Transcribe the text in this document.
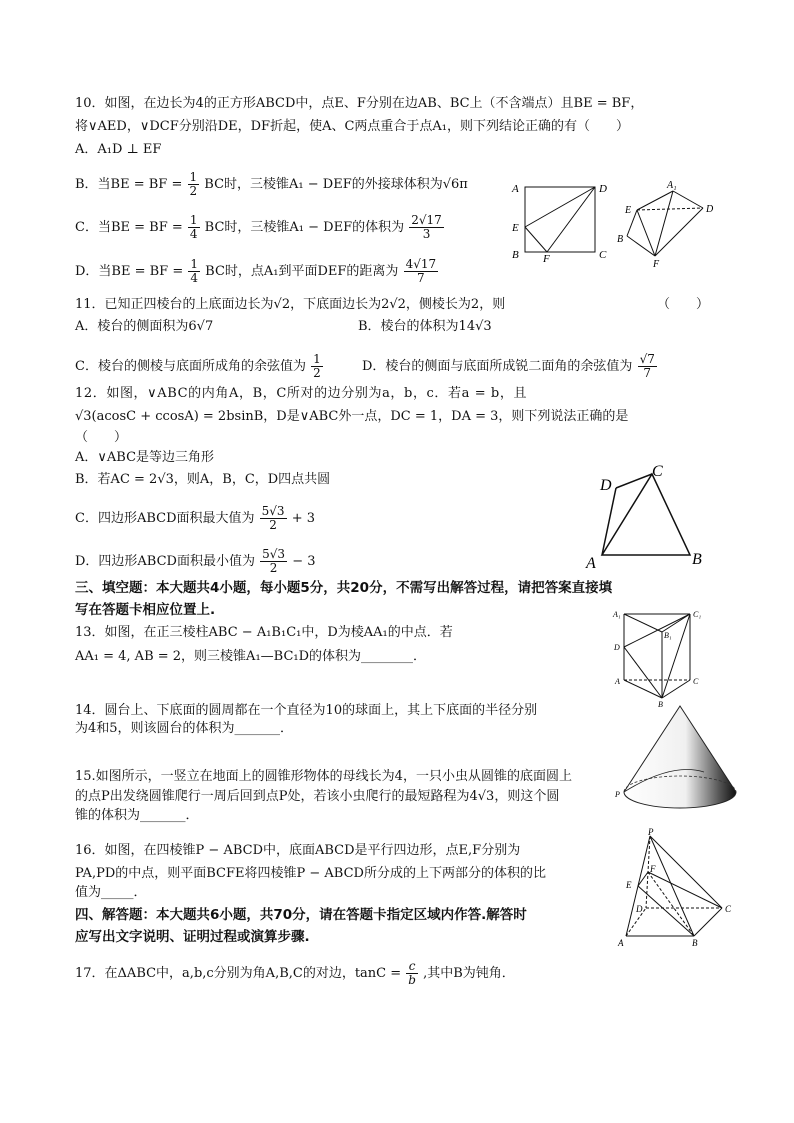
10．如图，在边长为4的正方形ABCD中，点E、F分别在边AB、BC上（不含端点）且BE = BF，
将∨AED，∨DCF分别沿DE，DF折起，使A、C两点重合于点A₁，则下列结论正确的有（　　）
A．A₁D ⊥ EF
B．当BE = BF = $\frac{1}{2}$ BC时，三棱锥A₁ − DEF的外接球体积为√6π
C．当BE = BF = $\frac{1}{4}$ BC时，三棱锥A₁ − DEF的体积为 $\frac{2√17}{3}$
D．当BE = BF = $\frac{1}{4}$ BC时，点A₁到平面DEF的距离为 $\frac{4√17}{7}$
A	D
E
B F	C
A₁
E	D
B
F
11．已知正四棱台的上底面边长为√2，下底面边长为2√2，侧棱长为2，则	（　　）
A．棱台的侧面积为6√7	B．棱台的体积为14√3
C．棱台的侧棱与底面所成角的余弦值为 $\frac{1}{2}$	D．棱台的侧面与底面所成锐二面角的余弦值为 $\frac{√7}{7}$
12．如图，∨ABC的内角A，B，C所对的边分别为a，b，c．若a = b，且
√3(acosC + ccosA) = 2bsinB，D是∨ABC外一点，DC = 1，DA = 3，则下列说法正确的是
（　　）
A．∨ABC是等边三角形
B．若AC = 2√3，则A，B，C，D四点共圆
C．四边形ABCD面积最大值为 $\frac{5√3}{2} + 3$
D．四边形ABCD面积最小值为 $\frac{5√3}{2} - 3$
D
C
A	B
三、填空题：本大题共4小题，每小题5分，共20分，不需写出解答过程，请把答案直接填
写在答题卡相应位置上.
13．如图，在正三棱柱ABC − A₁B₁C₁中，D为棱AA₁的中点．若
AA₁ = 4, AB = 2，则三棱锥A₁—BC₁D的体积为________．
A₁	C₁
B₁
D
A	C
B
14．圆台上、下底面的圆周都在一个直径为10的球面上，其上下底面的半径分别
为4和5，则该圆台的体积为_______．
P
15.如图所示，一竖立在地面上的圆锥形物体的母线长为4，一只小虫从圆锥的底面圆上
的点P出发绕圆锥爬行一周后回到点P处，若该小虫爬行的最短路程为4√3，则这个圆
锥的体积为_______．
16．如图，在四棱锥P − ABCD中，底面ABCD是平行四边形，点E,F分别为
PA,PD的中点，则平面BCFE将四棱锥P − ABCD所分成的上下两部分的体积的比
值为_____．
P
F
E
D	C
A	B
四、解答题：本大题共6小题，共70分，请在答题卡指定区域内作答.解答时
应写出文字说明、证明过程或演算步骤.
17．在ΔABC中，a,b,c分别为角A,B,C的对边，$\tan C = \frac{c}{b}$ ,其中B为钝角．
